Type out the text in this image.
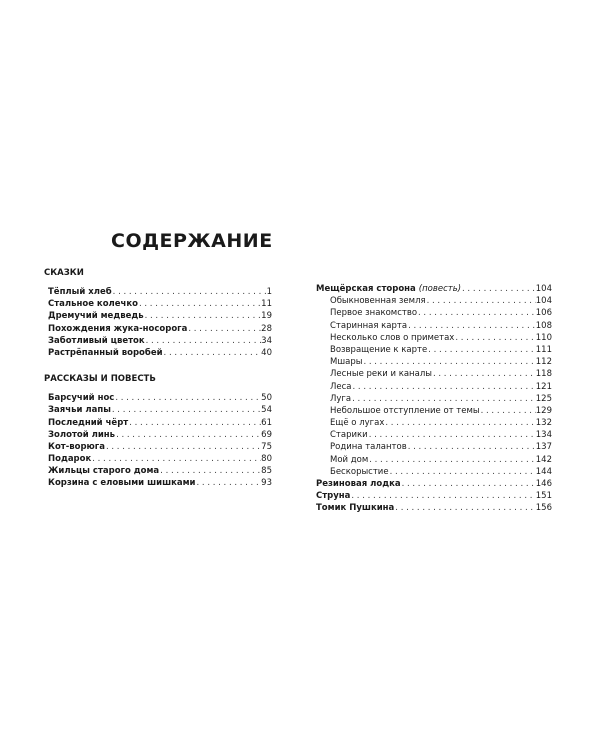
СОДЕРЖАНИЕ
СКАЗКИ
Тёплый хлеб . . .	1
Стальное колечко . . .	11
Дремучий медведь . . .	19
Похождения жука-носорога . . .	28
Заботливый цветок . . .	34
Растрёпанный воробей . . .	40
РАССКАЗЫ И ПОВЕСТЬ
Барсучий нос . . .	50
Заячьи лапы . . .	54
Последний чёрт . . .	61
Золотой линь . . .	69
Кот-ворюга . . .	75
Подарок . . .	80
Жильцы старого дома . . .	85
Корзина с еловыми шишками . . .	93
Мещёрская сторона (повесть) . . .	104
Обыкновенная земля . . .	104
Первое знакомство . . .	106
Старинная карта . . .	108
Несколько слов о приметах . . .	110
Возвращение к карте . . .	111
Мшары . . .	112
Лесные реки и каналы . . .	118
Леса . . .	121
Луга . . .	125
Небольшое отступление от темы . . .	129
Ещё о лугах . . .	132
Старики . . .	134
Родина талантов . . .	137
Мой дом . . .	142
Бескорыстие . . .	144
Резиновая лодка . . .	146
Струна . . .	151
Томик Пушкина . . .	156
